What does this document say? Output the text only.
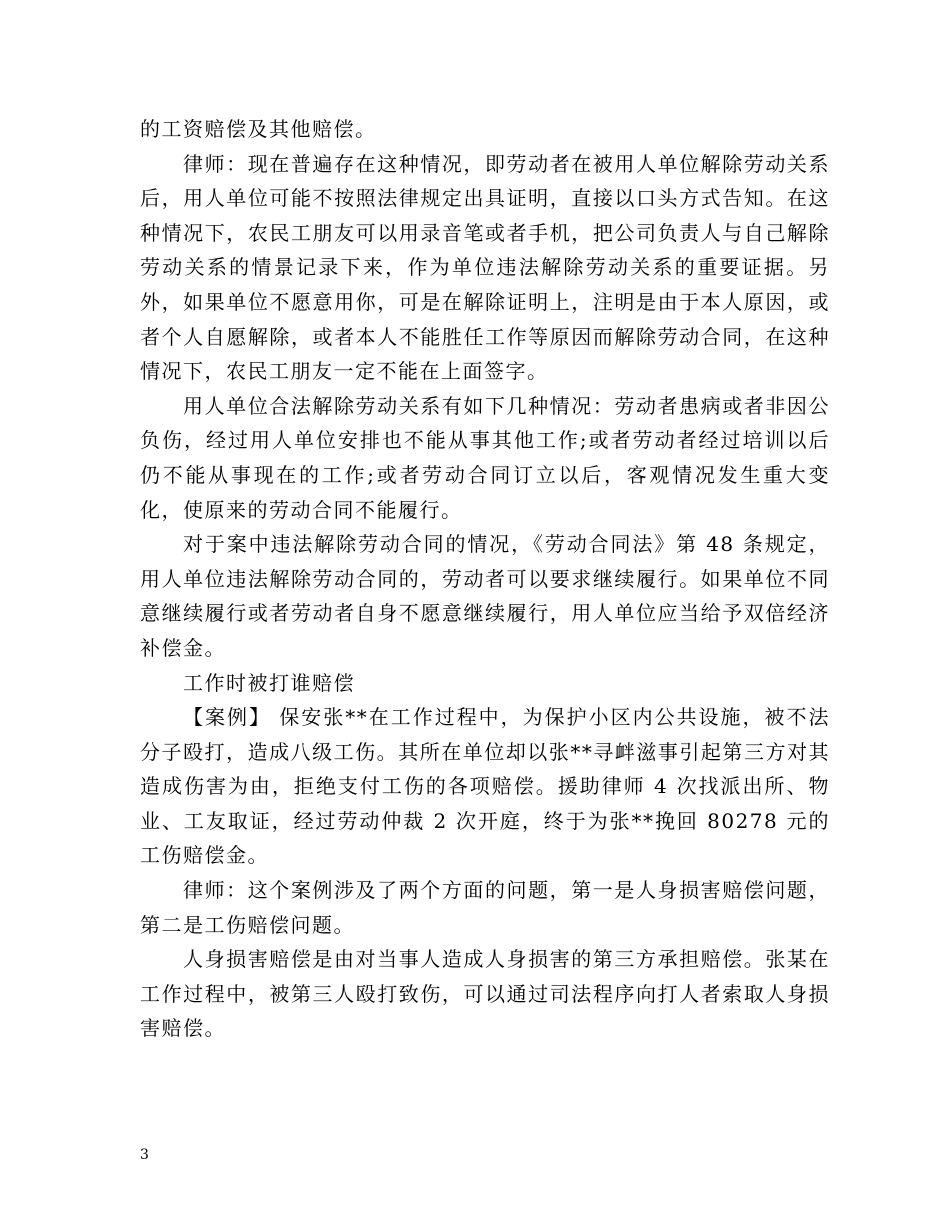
的工资赔偿及其他赔偿。

律师：现在普遍存在这种情况，即劳动者在被用人单位解除劳动关系后，用人单位可能不按照法律规定出具证明，直接以口头方式告知。在这种情况下，农民工朋友可以用录音笔或者手机，把公司负责人与自己解除劳动关系的情景记录下来，作为单位违法解除劳动关系的重要证据。另外，如果单位不愿意用你，可是在解除证明上，注明是由于本人原因，或者个人自愿解除，或者本人不能胜任工作等原因而解除劳动合同，在这种情况下，农民工朋友一定不能在上面签字。

用人单位合法解除劳动关系有如下几种情况：劳动者患病或者非因公负伤，经过用人单位安排也不能从事其他工作;或者劳动者经过培训以后仍不能从事现在的工作;或者劳动合同订立以后，客观情况发生重大变化，使原来的劳动合同不能履行。

对于案中违法解除劳动合同的情况，《劳动合同法》第 48 条规定，用人单位违法解除劳动合同的，劳动者可以要求继续履行。如果单位不同意继续履行或者劳动者自身不愿意继续履行，用人单位应当给予双倍经济补偿金。

工作时被打谁赔偿

【案例】 保安张**在工作过程中，为保护小区内公共设施，被不法分子殴打，造成八级工伤。其所在单位却以张**寻衅滋事引起第三方对其造成伤害为由，拒绝支付工伤的各项赔偿。援助律师 4 次找派出所、物业、工友取证，经过劳动仲裁 2 次开庭，终于为张**挽回 80278 元的工伤赔偿金。

律师：这个案例涉及了两个方面的问题，第一是人身损害赔偿问题，第二是工伤赔偿问题。

人身损害赔偿是由对当事人造成人身损害的第三方承担赔偿。张某在工作过程中，被第三人殴打致伤，可以通过司法程序向打人者索取人身损害赔偿。

3
